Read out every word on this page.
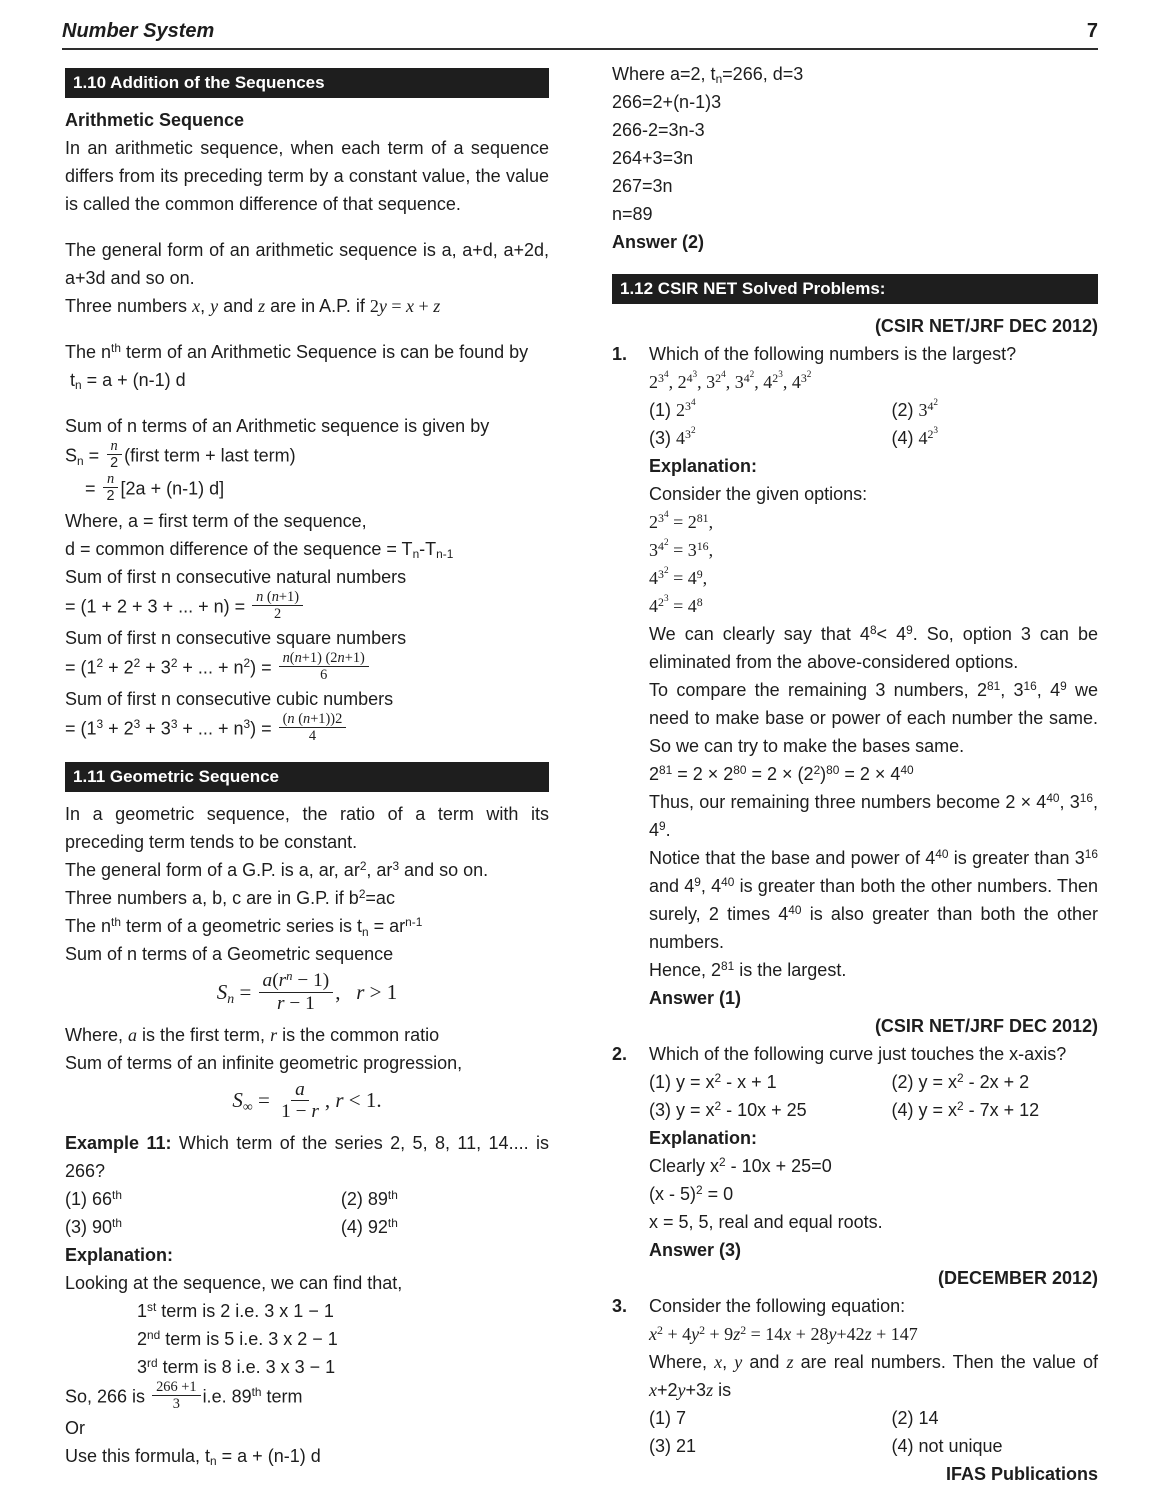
Number System	7
1.10 Addition of the Sequences
Arithmetic Sequence
In an arithmetic sequence, when each term of a sequence differs from its preceding term by a constant value, the value is called the common difference of that sequence.
The general form of an arithmetic sequence is a, a+d, a+2d, a+3d and so on.
Three numbers x, y and z are in A.P. if 2y = x + z
The $n^{th}$ term of an Arithmetic Sequence is can be found by
$t_n = a + (n-1)$ d
Sum of n terms of an Arithmetic sequence is given by
$S_n = \frac{n}{2}$ (first term + last term)
= $\frac{n}{2} [2a + (n-1)$ d]
Where, a = first term of the sequence,
d = common difference of the sequence = $T_n-T_{n-1}$
Sum of first n consecutive natural numbers
= (1 + 2 + 3 + ... + $n) = \frac{n (n+1)}{2}$
Sum of first n consecutive square numbers
= ($1^2 + 2^2 + 3^2$ + ... + $n^2) = \frac{n(n+1) (2n+1)}{6}$
Sum of first n consecutive cubic numbers
= ($1^3 + 2^3 + 3^3$ + ... + $n^3) = \frac{(n (n+1))2}{4}$
1.11 Geometric Sequence
In a geometric sequence, the ratio of a term with its preceding term tends to be constant.
The general form of a G.P. is a, ar, $ar^2$, $ar^3$ and so on.
Three numbers a, b, c are in G.P. if $b^2=ac$
The $n^{th}$ term of a geometric series is $t_n = ar^{n-1}$
Sum of n terms of a Geometric sequence
$S_n = \frac{a(r^n - 1)}{r - 1}$ ,   r > 1
Where, a is the first term, r is the common ratio
Sum of terms of an infinite geometric progression,
$S_\infty = \frac{a}{1 - r}$ , r < 1.
Example 11: Which term of the series 2, 5, 8, 11, 14.... is 266?
(1) 66th	(2) 89th
(3) 90th	(4) 92th
Explanation:
Looking at the sequence, we can find that,
1st term is 2 i.e. 3 x 1 − 1
2nd term is 5 i.e. 3 x 2 − 1
3rd term is 8 i.e. 3 x 3 − 1
So, 266 is $\frac{266 +1}{3} i.e$. 89th term
Or
Use this formula, $t_n = a + (n-1)$ d
Where a=2, $t_n=266$, d=3
266=2+(n-1)3
266-2=3n-3
264+3=3n
267=3n
n=89
Answer (2)
1.12 CSIR NET Solved Problems:
(CSIR NET/JRF DEC 2012)
1.	Which of the following numbers is the largest?
$2^{3^4}$, $2^{4^3}$, $3^{2^4}$, $3^{4^2}$, $4^{2^3}$, $4^{3^2}$
(1) $2^{3^4}$	(2) $3^{4^2}$
(3) $4^{3^2}$	(4) $4^{2^3}$
Explanation:
Consider the given options:
$2^{3^4} = 2^{81}$,
$3^{4^2} = 3^{16}$,
$4^{3^2} = 4^9$,
$4^{2^3} = 4^8$
We can clearly say that $4^8< 4^9$. So, option 3 can be eliminated from the above-considered options.
To compare the remaining 3 numbers, $2^{81}$, $3^{16}$, $4^9$ we need to make base or power of each number the same. So we can try to make the bases same.
$2^{81} = 2 \times 2^{80} = 2 \times (2^2)^{80} = 2 \times 4^{40}$
Thus, our remaining three numbers become $2 \times 4^{40}$, $3^{16}$, $4^9$.
Notice that the base and power of $4^{40}$ is greater than $3^{16}$ and $4^9$, $4^{40}$ is greater than both the other numbers. Then surely, 2 times $4^{40}$ is also greater than both the other numbers.
Hence, $2^{81}$ is the largest.
Answer (1)
(CSIR NET/JRF DEC 2012)
2.	Which of the following curve just touches the x-axis?
(1) $y = x^2 - x + 1$	(2) $y = x^2 - 2x + 2$
(3) $y = x^2 - 10x + 25$	(4) $y = x^2 - 7x + 12$
Explanation:
Clearly $x^2 - 10x + 25=0$
(x - 5)$^2$ = 0
x = 5, 5, real and equal roots.
Answer (3)
(DECEMBER 2012)
3.	Consider the following equation:
$x^2 + 4y^2 + 9z^2 = 14x + 28y+42z + 147$
Where, x, y and z are real numbers. Then the value of x+2y+3z is
(1) 7	(2) 14
(3) 21	(4) not unique
IFAS Publications
